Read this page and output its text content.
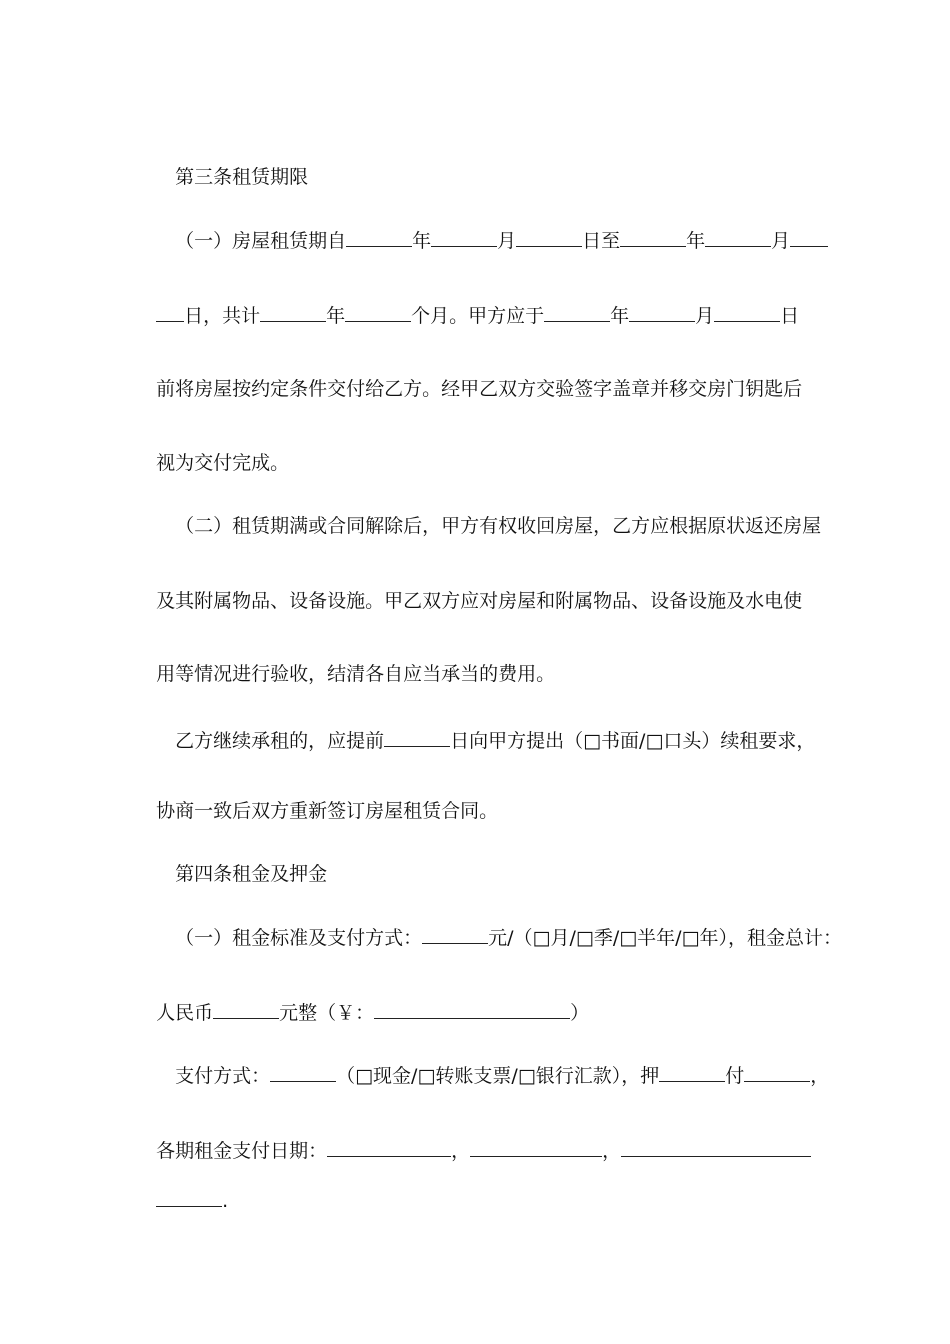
第三条租赁期限

（一）房屋租赁期自	年	月	日至	年	月

日，共计	年	个月。甲方应于	年	月	日

前将房屋按约定条件交付给乙方。经甲乙双方交验签字盖章并移交房门钥匙后

视为交付完成。

（二）租赁期满或合同解除后，甲方有权收回房屋，乙方应根据原状返还房屋

及其附属物品、设备设施。甲乙双方应对房屋和附属物品、设备设施及水电使

用等情况进行验收，结清各自应当承当的费用。

乙方继续承租的，应提前	日向甲方提出（□书面/□口头）续租要求，

协商一致后双方重新签订房屋租赁合同。

第四条租金及押金

（一）租金标准及支付方式：	元/（□月/□季/□半年/□年），租金总计：

人民币	元整（￥：	）

支付方式：	（□现金/□转账支票/□银行汇款），押	付	，

各期租金支付日期：	，	，

.
